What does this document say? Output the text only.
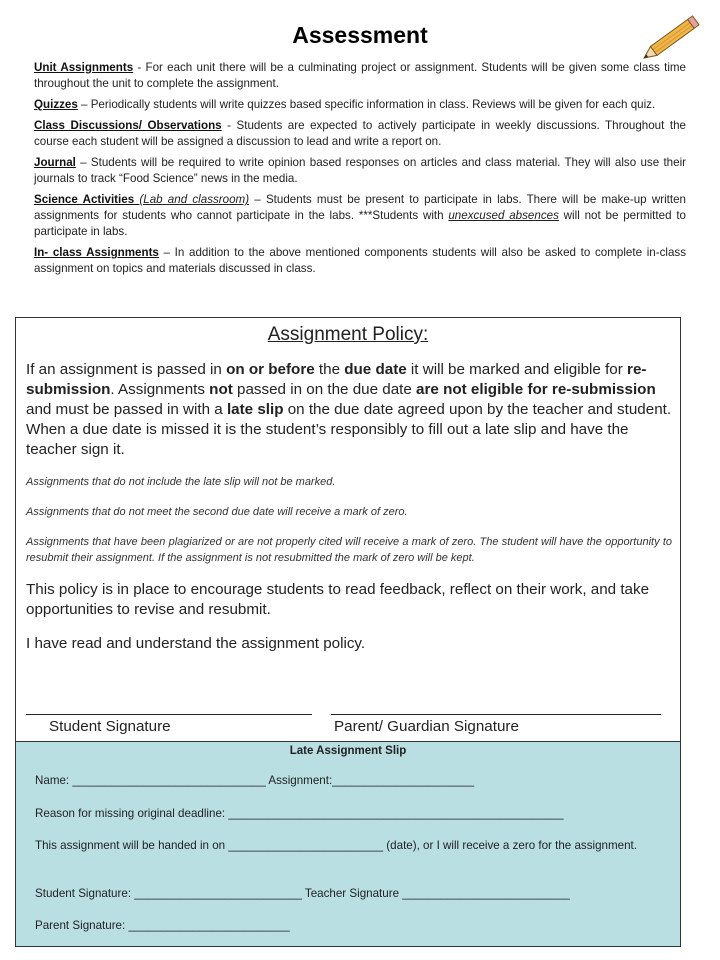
Assessment

Unit Assignments - For each unit there will be a culminating project or assignment. Students will be given some class time throughout the unit to complete the assignment.

Quizzes – Periodically students will write quizzes based specific information in class. Reviews will be given for each quiz.

Class Discussions/ Observations - Students are expected to actively participate in weekly discussions. Throughout the course each student will be assigned a discussion to lead and write a report on.

Journal – Students will be required to write opinion based responses on articles and class material. They will also use their journals to track “Food Science” news in the media.

Science Activities (Lab and classroom) – Students must be present to participate in labs. There will be make-up written assignments for students who cannot participate in the labs. ***Students with unexcused absences will not be permitted to participate in labs.

In- class Assignments – In addition to the above mentioned components students will also be asked to complete in-class assignment on topics and materials discussed in class.

Assignment Policy:

If an assignment is passed in on or before the due date it will be marked and eligible for re-submission. Assignments not passed in on the due date are not eligible for re-submission and must be passed in with a late slip on the due date agreed upon by the teacher and student. When a due date is missed it is the student’s responsibly to fill out a late slip and have the teacher sign it.

Assignments that do not include the late slip will not be marked.

Assignments that do not meet the second due date will receive a mark of zero.

Assignments that have been plagiarized or are not properly cited will receive a mark of zero. The student will have the opportunity to resubmit their assignment. If the assignment is not resubmitted the mark of zero will be kept.

This policy is in place to encourage students to read feedback, reflect on their work, and take opportunities to revise and resubmit.

I have read and understand the assignment policy.

Student Signature	Parent/ Guardian Signature
Late Assignment Slip
Name: ______________________________ Assignment:______________________
Reason for missing original deadline: ____________________________________________________
This assignment will be handed in on ________________________ (date), or I will receive a zero for the assignment.
Student Signature: __________________________ Teacher Signature __________________________
Parent Signature: _________________________
